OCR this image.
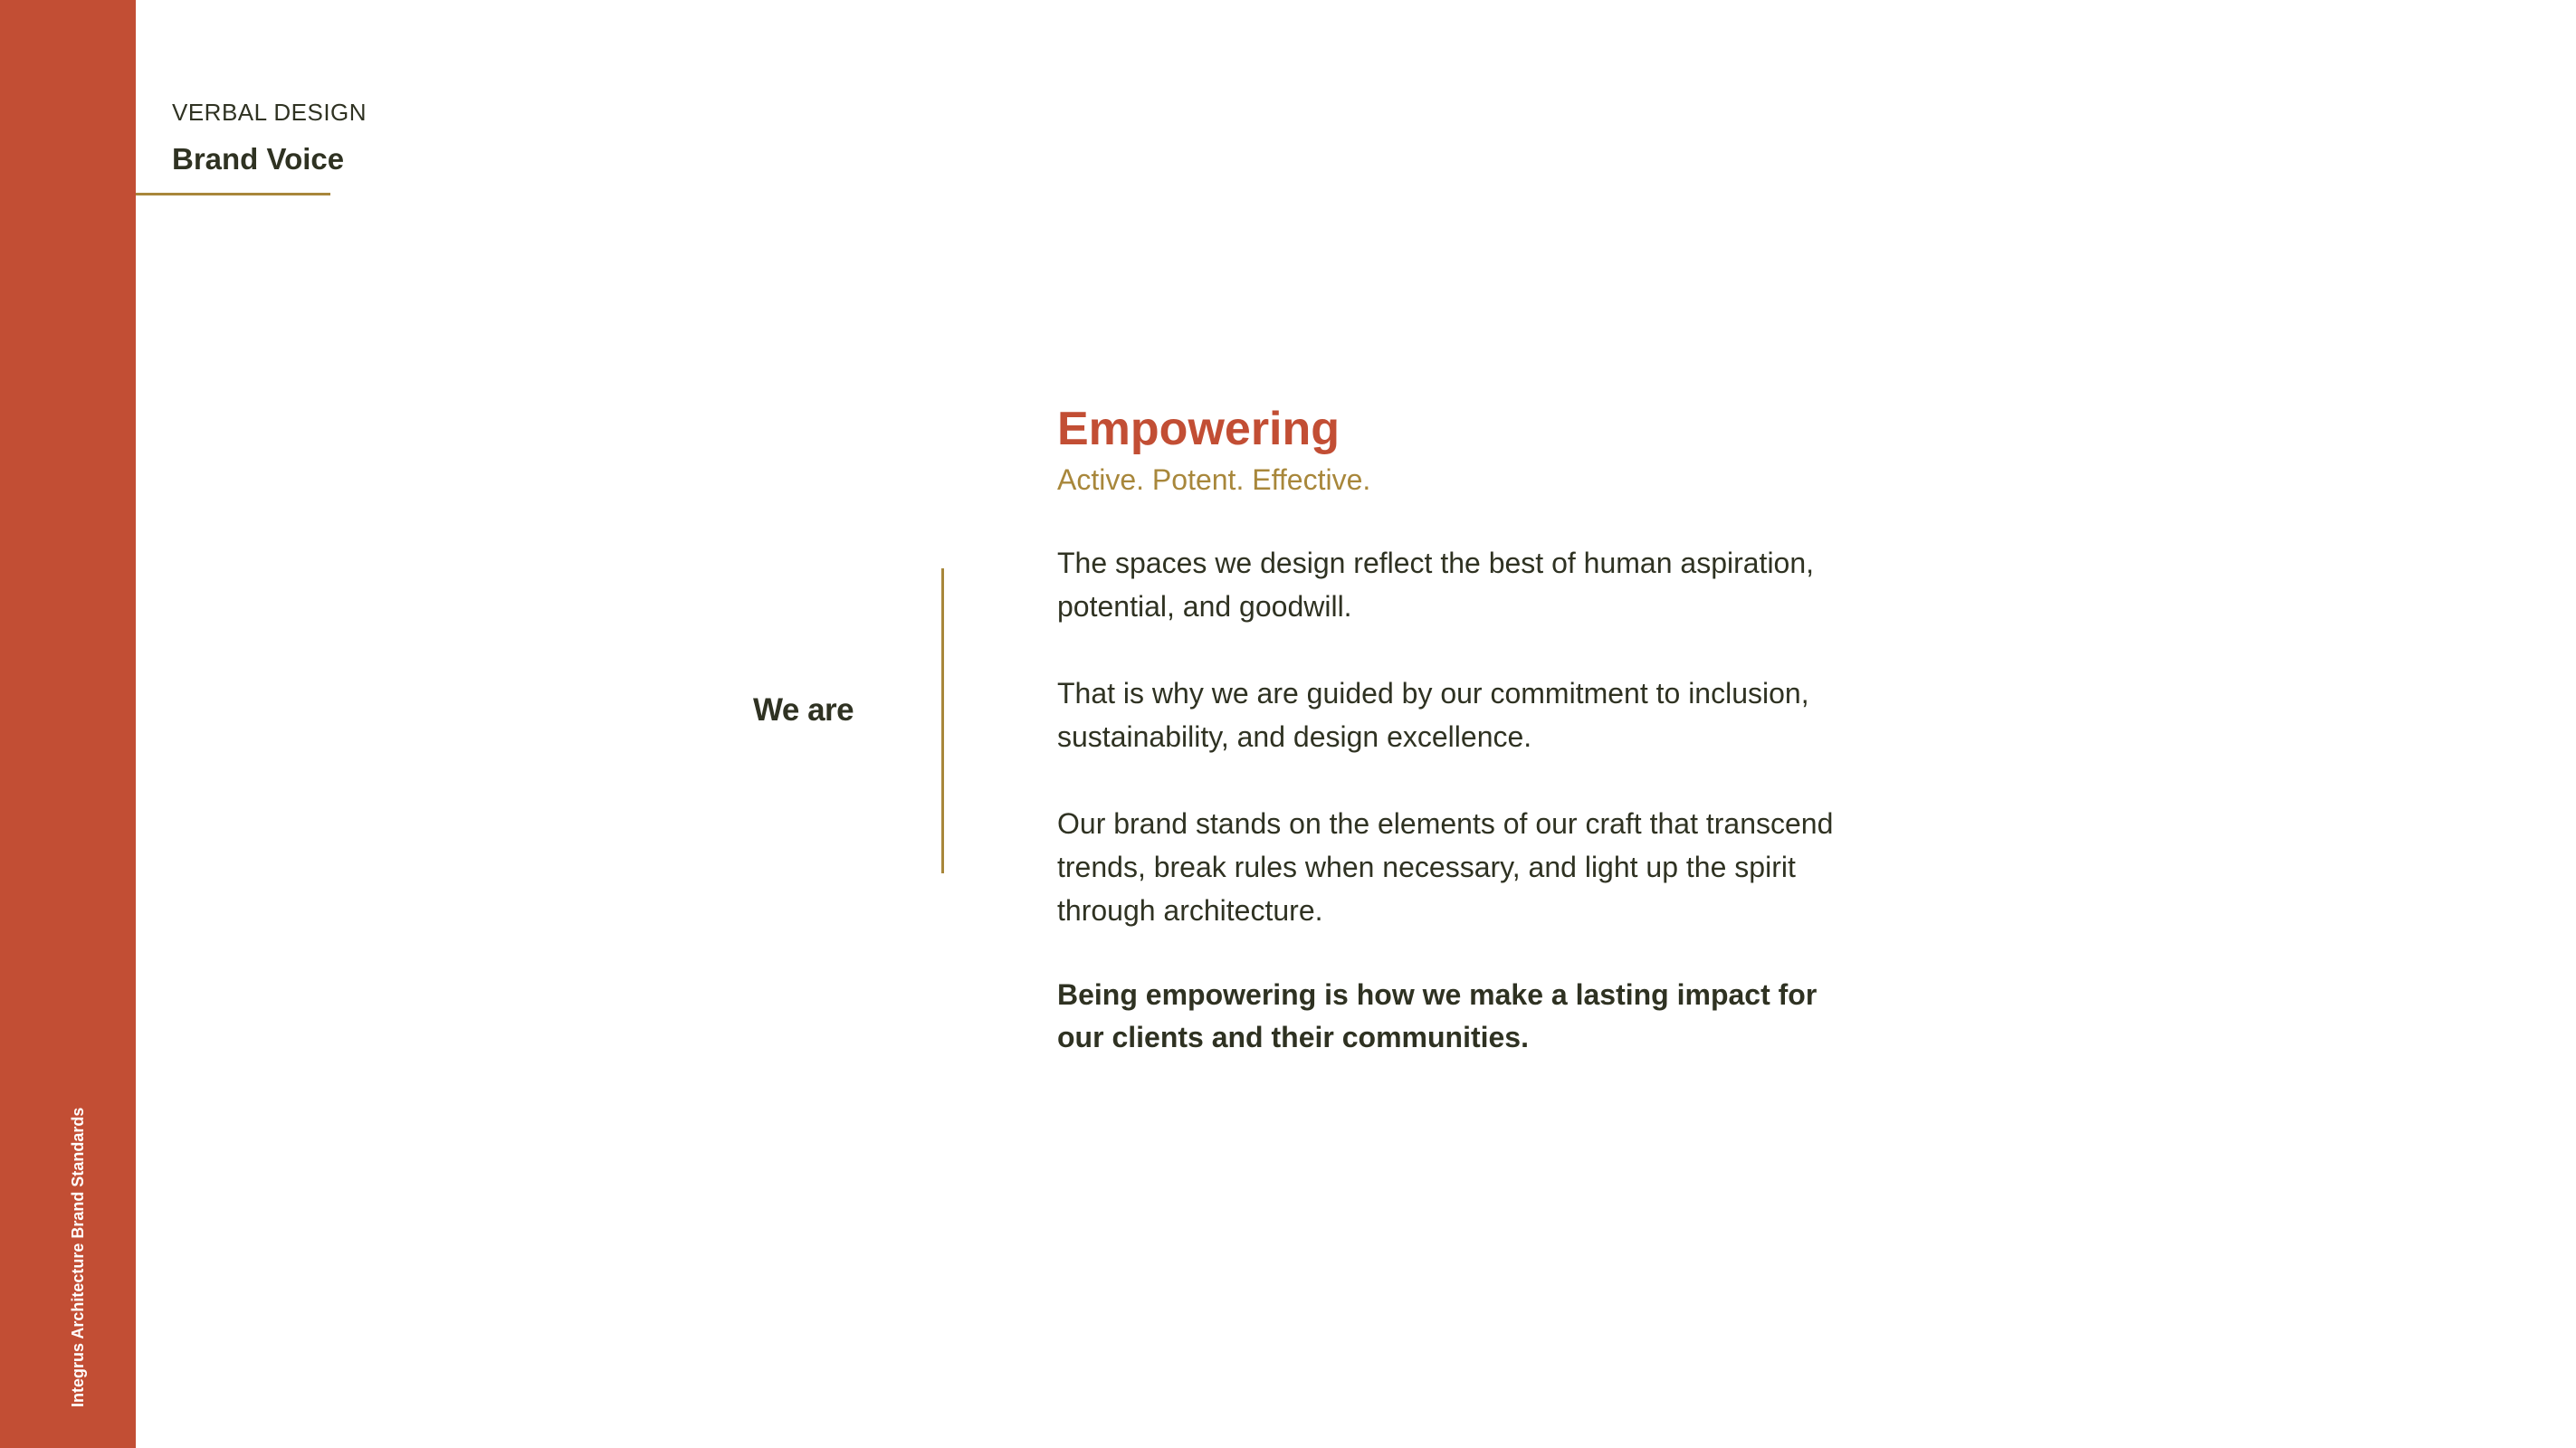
Integrus Architecture Brand Standards
VERBAL DESIGN
Brand Voice
We are

Empowering

Active. Potent. Effective.

The spaces we design reflect the best of human aspiration, potential, and goodwill.

That is why we are guided by our commitment to inclusion, sustainability, and design excellence.

Our brand stands on the elements of our craft that transcend trends, break rules when necessary, and light up the spirit through architecture.

Being empowering is how we make a lasting impact for our clients and their communities.
